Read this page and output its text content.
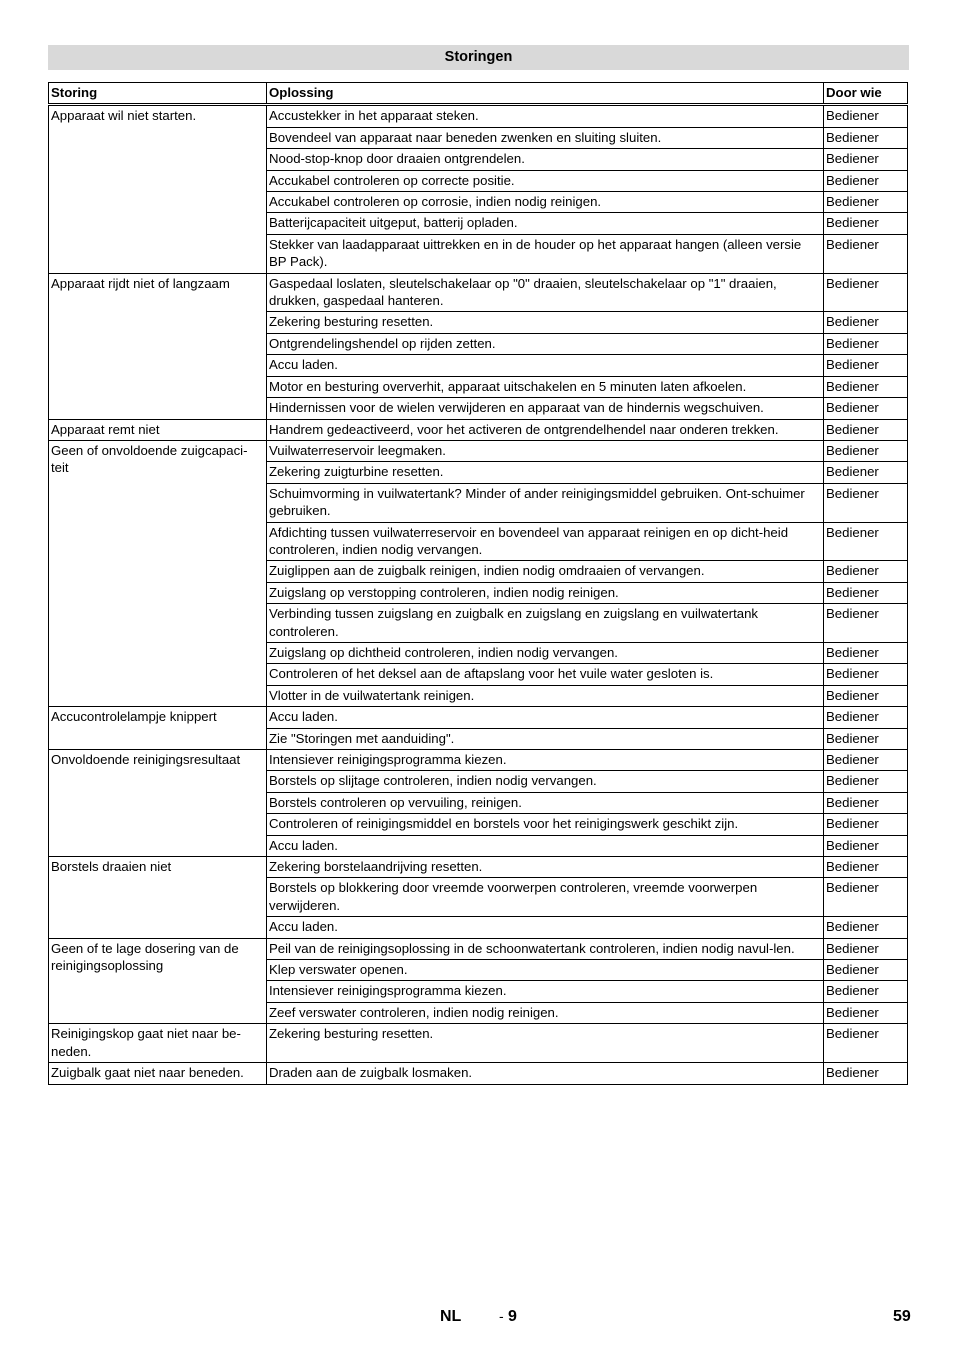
Storingen
Storing	Oplossing	Door wie
Apparaat wil niet starten.	Accustekker in het apparaat steken.	Bediener
	Bovendeel van apparaat naar beneden zwenken en sluiting sluiten.	Bediener
	Nood-stop-knop door draaien ontgrendelen.	Bediener
	Accukabel controleren op correcte positie.	Bediener
	Accukabel controleren op corrosie, indien nodig reinigen.	Bediener
	Batterijcapaciteit uitgeput, batterij opladen.	Bediener
	Stekker van laadapparaat uittrekken en in de houder op het apparaat hangen (alleen versie BP Pack).	Bediener
Apparaat rijdt niet of langzaam	Gaspedaal loslaten, sleutelschakelaar op "0" draaien, sleutelschakelaar op "1" draaien, drukken, gaspedaal hanteren.	Bediener
	Zekering besturing resetten.	Bediener
	Ontgrendelingshendel op rijden zetten.	Bediener
	Accu laden.	Bediener
	Motor en besturing oververhit, apparaat uitschakelen en 5 minuten laten afkoelen.	Bediener
	Hindernissen voor de wielen verwijderen en apparaat van de hindernis wegschuiven.	Bediener
Apparaat remt niet	Handrem gedeactiveerd, voor het activeren de ontgrendelhendel naar onderen trekken.	Bediener
Geen of onvoldoende zuigcapaci-teit	Vuilwaterreservoir leegmaken.	Bediener
	Zekering zuigturbine resetten.	Bediener
	Schuimvorming in vuilwatertank? Minder of ander reinigingsmiddel gebruiken. Ont-schuimer gebruiken.	Bediener
	Afdichting tussen vuilwaterreservoir en bovendeel van apparaat reinigen en op dicht-heid controleren, indien nodig vervangen.	Bediener
	Zuiglippen aan de zuigbalk reinigen, indien nodig omdraaien of vervangen.	Bediener
	Zuigslang op verstopping controleren, indien nodig reinigen.	Bediener
	Verbinding tussen zuigslang en zuigbalk en zuigslang en zuigslang en vuilwatertank controleren.	Bediener
	Zuigslang op dichtheid controleren, indien nodig vervangen.	Bediener
	Controleren of het deksel aan de aftapslang voor het vuile water gesloten is.	Bediener
	Vlotter in de vuilwatertank reinigen.	Bediener
Accucontrolelampje knippert	Accu laden.	Bediener
	Zie "Storingen met aanduiding".	Bediener
Onvoldoende reinigingsresultaat	Intensiever reinigingsprogramma kiezen.	Bediener
	Borstels op slijtage controleren, indien nodig vervangen.	Bediener
	Borstels controleren op vervuiling, reinigen.	Bediener
	Controleren of reinigingsmiddel en borstels voor het reinigingswerk geschikt zijn.	Bediener
	Accu laden.	Bediener
Borstels draaien niet	Zekering borstelaandrijving resetten.	Bediener
	Borstels op blokkering door vreemde voorwerpen controleren, vreemde voorwerpen verwijderen.	Bediener
	Accu laden.	Bediener
Geen of te lage dosering van de reinigingsoplossing	Peil van de reinigingsoplossing in de schoonwatertank controleren, indien nodig navul-len.	Bediener
	Klep verswater openen.	Bediener
	Intensiever reinigingsprogramma kiezen.	Bediener
	Zeef verswater controleren, indien nodig reinigen.	Bediener
Reinigingskop gaat niet naar be-neden.	Zekering besturing resetten.	Bediener
Zuigbalk gaat niet naar beneden.	Draden aan de zuigbalk losmaken.	Bediener
NL	- 9	59
